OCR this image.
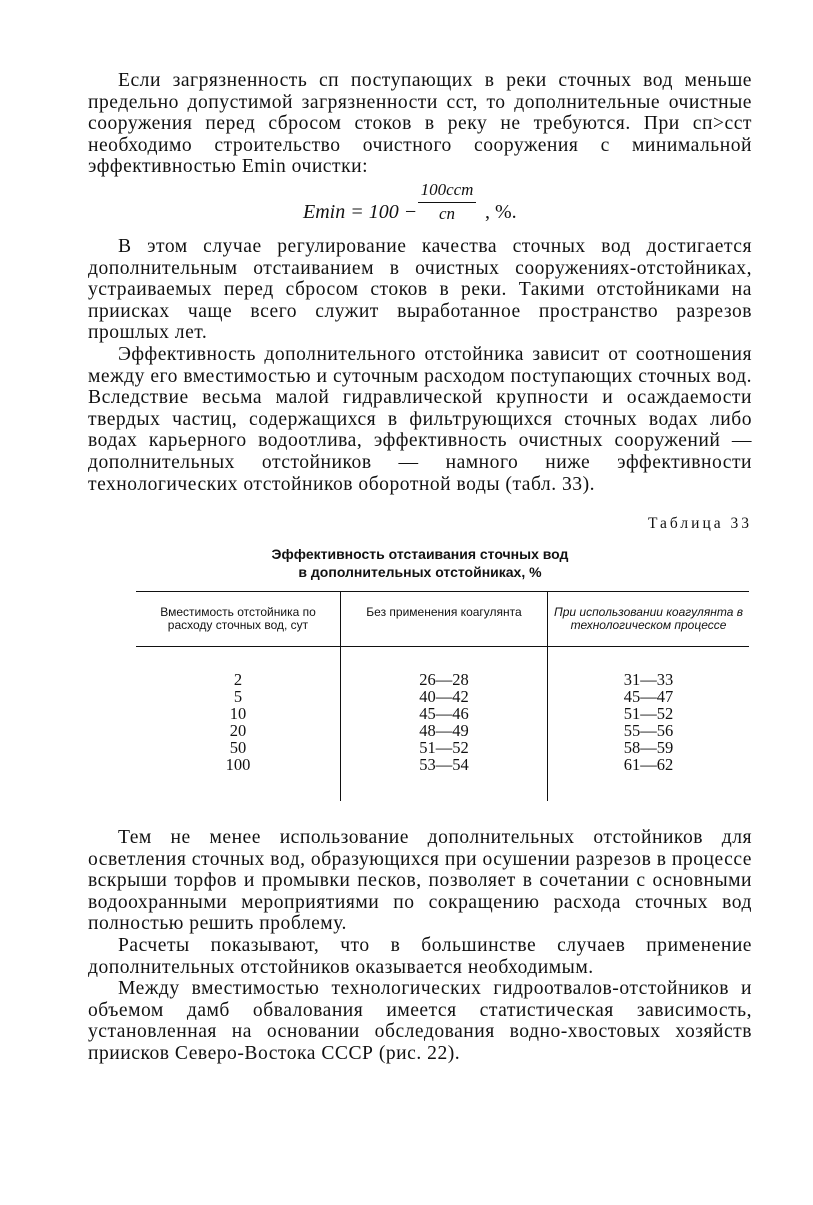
Если загрязненность сп поступающих в реки сточных вод меньше предельно допустимой загрязненности сст, то дополнительные очистные сооружения перед сбросом стоков в реку не требуются. При сп>сст необходимо строительство очистного сооружения с минимальной эффективностью Emin очистки:

Emin = 100 −
100cст
cп	, %.

В этом случае регулирование качества сточных вод достигается дополнительным отстаиванием в очистных сооружениях-отстойниках, устраиваемых перед сбросом стоков в реки. Такими отстойниками на приисках чаще всего служит выработанное пространство разрезов прошлых лет.

Эффективность дополнительного отстойника зависит от соотношения между его вместимостью и суточным расходом поступающих сточных вод. Вследствие весьма малой гидравлической крупности и осаждаемости твердых частиц, содержащихся в фильтрующихся сточных водах либо водах карьерного водоотлива, эффективность очистных сооружений — дополнительных отстойников — намного ниже эффективности технологических отстойников оборотной воды (табл. 33).

Таблица 33
Эффективность отстаивания сточных вод
в дополнительных отстойниках, %
Вместимость отстойника по расходу сточных вод, сут	Без применения коагулянта	При использовании коагулянта в технологическом процессе
2	26—28	31—33
5	40—42	45—47
10	45—46	51—52
20	48—49	55—56
50	51—52	58—59
100	53—54	61—62

Тем не менее использование дополнительных отстойников для осветления сточных вод, образующихся при осушении разрезов в процессе вскрыши торфов и промывки песков, позволяет в сочетании с основными водоохранными мероприятиями по сокращению расхода сточных вод полностью решить проблему.

Расчеты показывают, что в большинстве случаев применение дополнительных отстойников оказывается необходимым.

Между вместимостью технологических гидроотвалов-отстойников и объемом дамб обвалования имеется статистическая зависимость, установленная на основании обследования водно-хвостовых хозяйств приисков Северо-Востока СССР (рис. 22).
